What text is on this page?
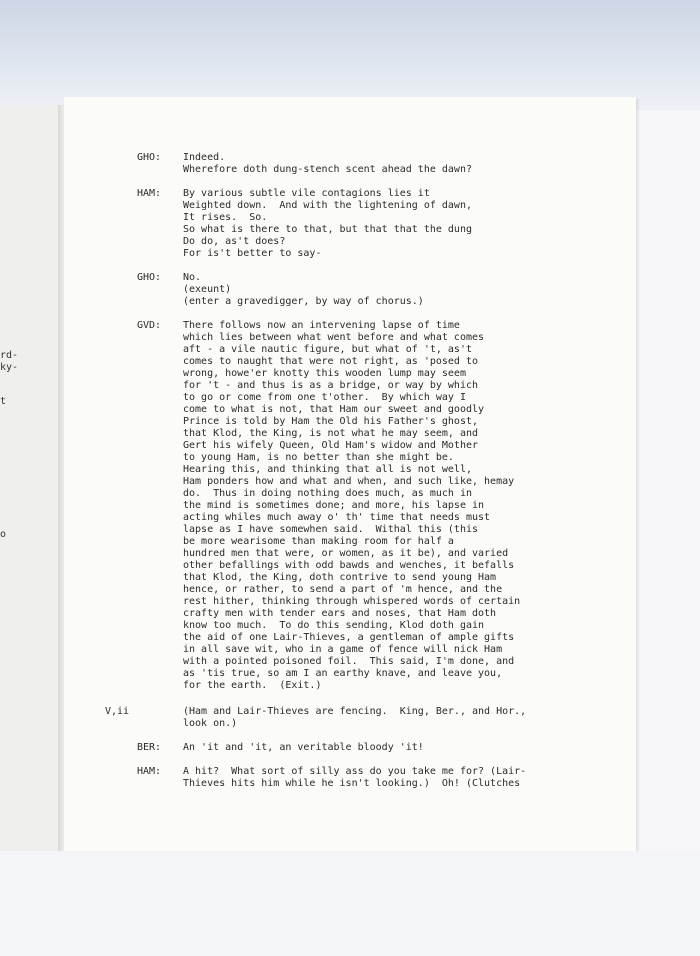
rd-
ky-
t
o
GHO: Indeed.
Wherefore doth dung-stench scent ahead the dawn?
HAM: By various subtle vile contagions lies it
Weighted down.  And with the lightening of dawn,
It rises.  So.
So what is there to that, but that that the dung
Do do, as't does?
For is't better to say-
GHO: No.
(exeunt)
(enter a gravedigger, by way of chorus.)
GVD: There follows now an intervening lapse of time
which lies between what went before and what comes
aft - a vile nautic figure, but what of 't, as't
comes to naught that were not right, as 'posed to
wrong, howe'er knotty this wooden lump may seem
for 't - and thus is as a bridge, or way by which
to go or come from one t'other.  By which way I
come to what is not, that Ham our sweet and goodly
Prince is told by Ham the Old his Father's ghost,
that Klod, the King, is not what he may seem, and
Gert his wifely Queen, Old Ham's widow and Mother
to young Ham, is no better than she might be.
Hearing this, and thinking that all is not well,
Ham ponders how and what and when, and such like, hemay
do.  Thus in doing nothing does much, as much in
the mind is sometimes done; and more, his lapse in
acting whiles much away o' th' time that needs must
lapse as I have somewhen said.  Withal this (this
be more wearisome than making room for half a
hundred men that were, or women, as it be), and varied
other befallings with odd bawds and wenches, it befalls
that Klod, the King, doth contrive to send young Ham
hence, or rather, to send a part of 'm hence, and the
rest hither, thinking through whispered words of certain
crafty men with tender ears and noses, that Ham doth
know too much.  To do this sending, Klod doth gain
the aid of one Lair-Thieves, a gentleman of ample gifts
in all save wit, who in a game of fence will nick Ham
with a pointed poisoned foil.  This said, I'm done, and
as 'tis true, so am I an earthy knave, and leave you,
for the earth.  (Exit.)
V,ii	(Ham and Lair-Thieves are fencing.  King, Ber., and Hor.,
look on.)
BER: An 'it and 'it, an veritable bloody 'it!
HAM: A hit?  What sort of silly ass do you take me for? (Lair-
Thieves hits him while he isn't looking.)  Oh! (Clutches
